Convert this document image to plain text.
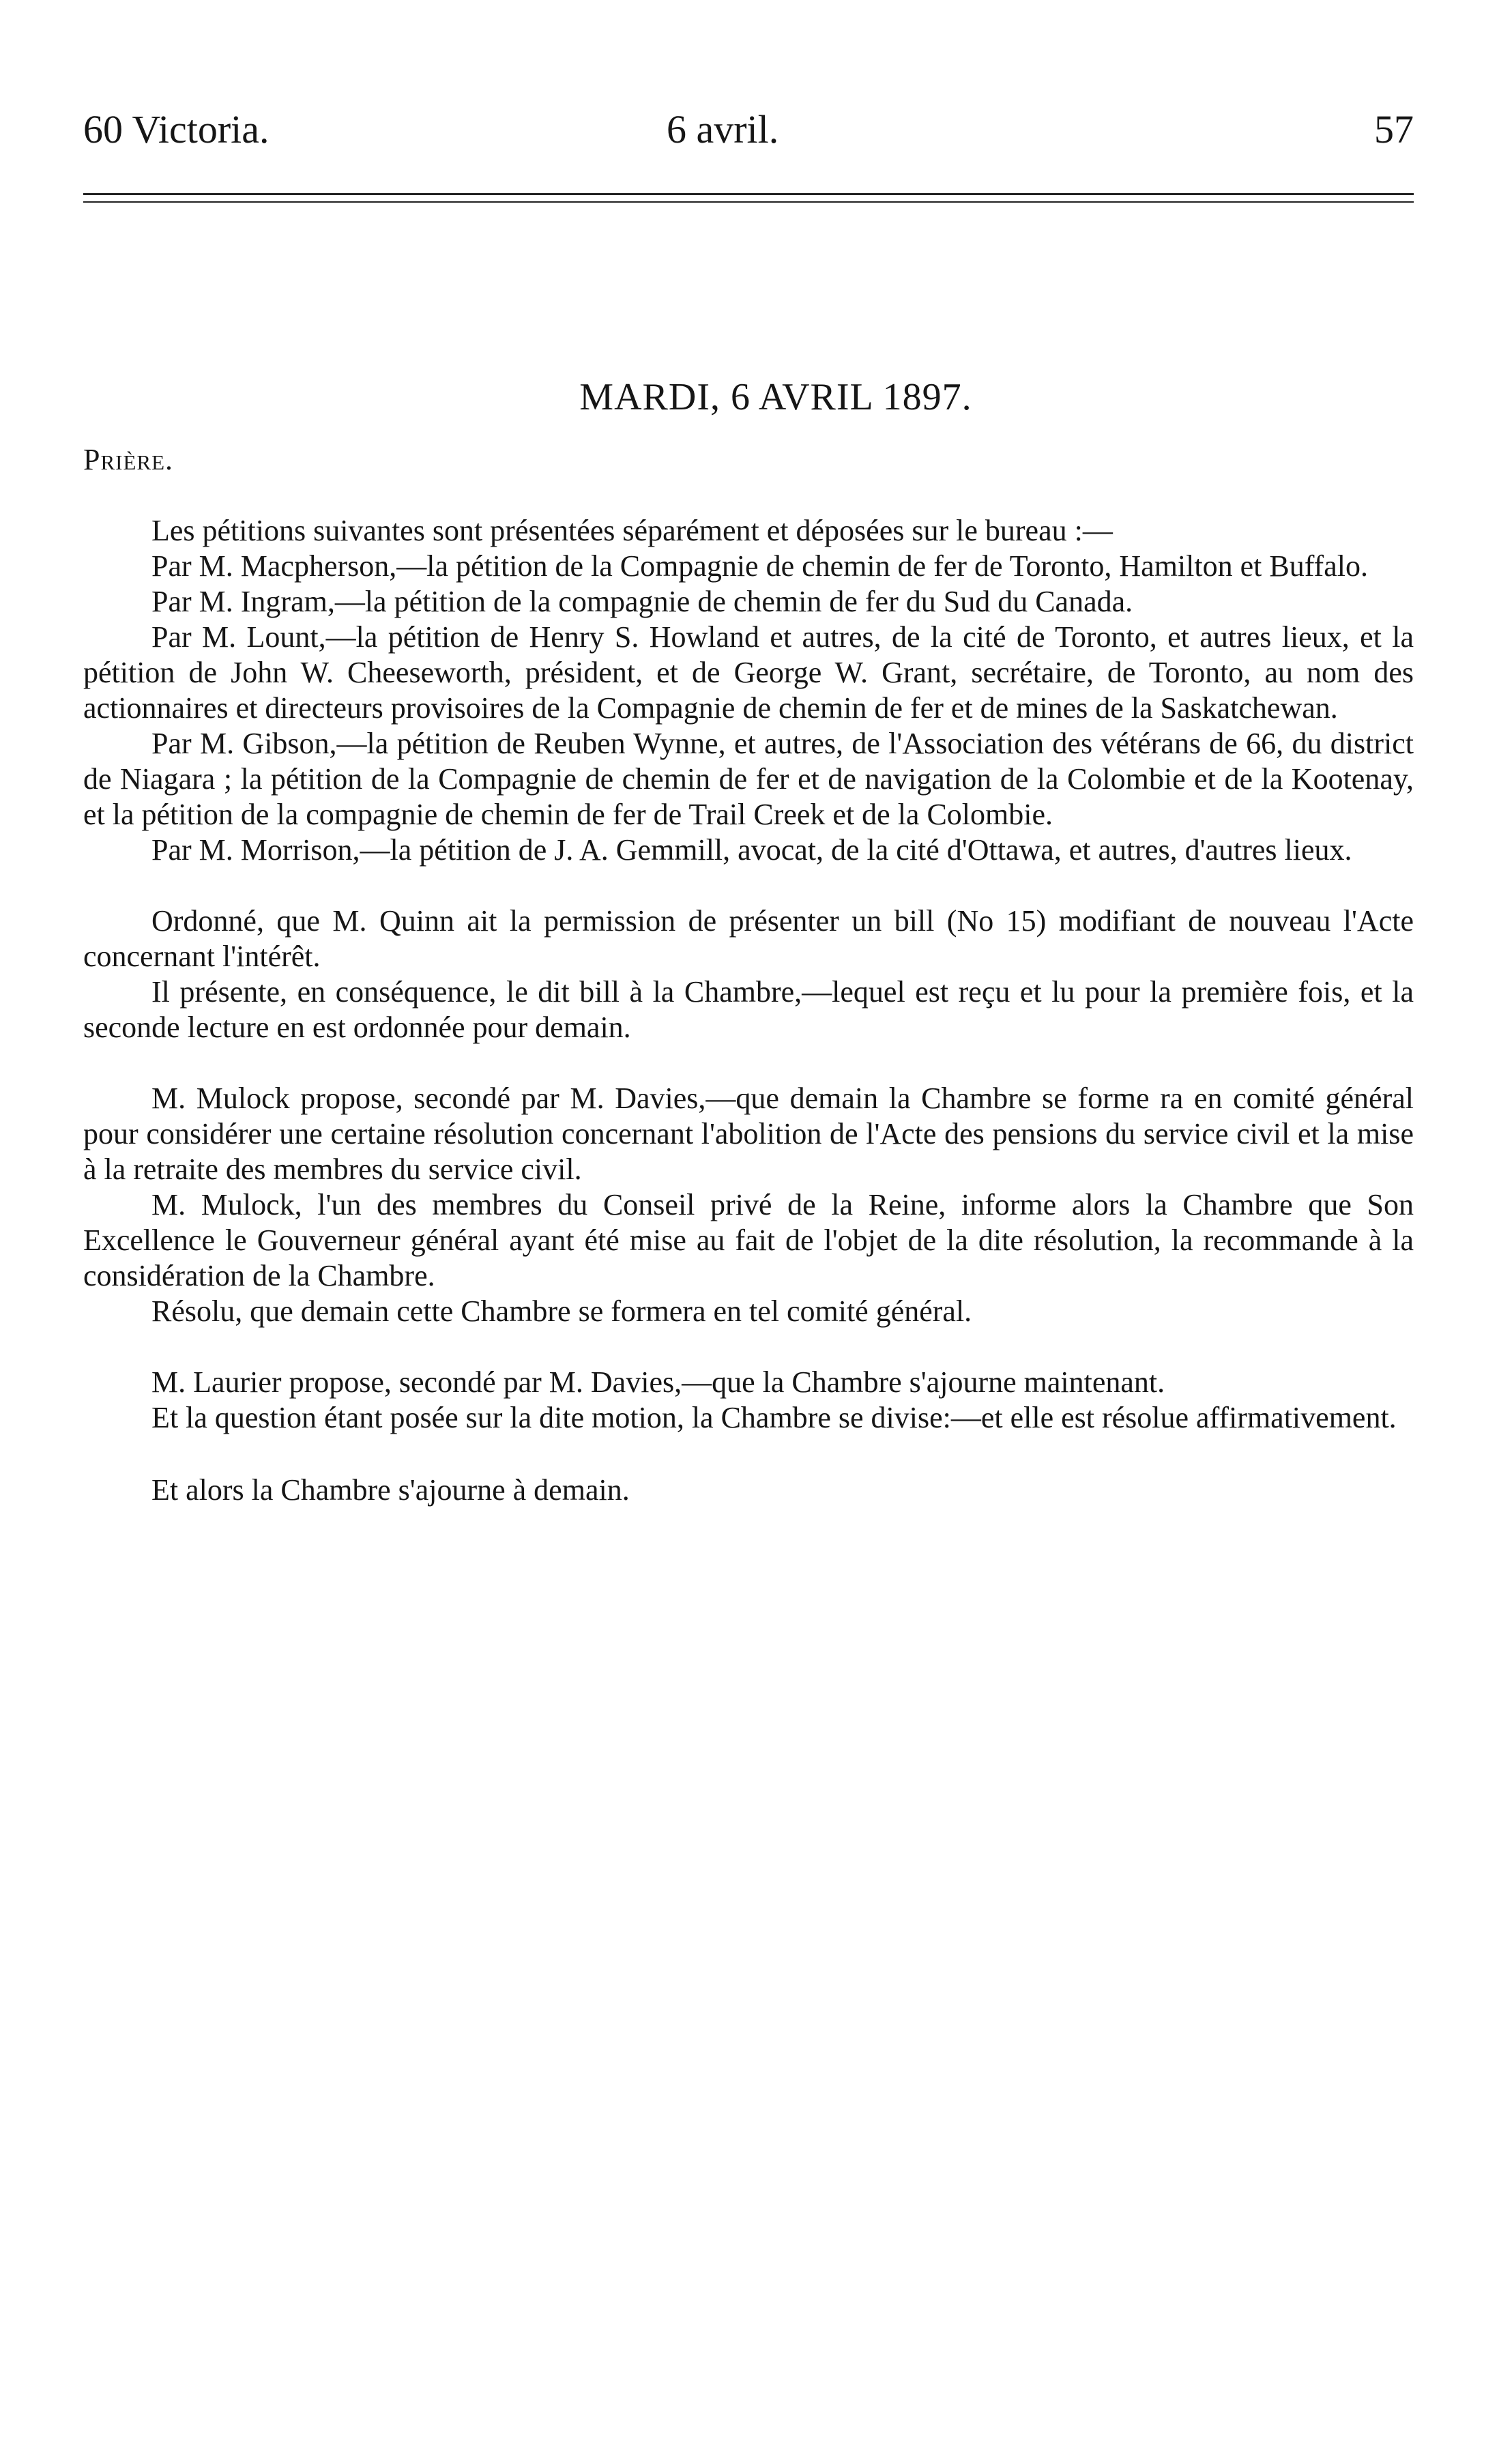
60 Victoria.	6 avril.	57
MARDI, 6 AVRIL 1897.
Prière.

Les pétitions suivantes sont présentées séparément et déposées sur le bureau :—

Par M. Macpherson,—la pétition de la Compagnie de chemin de fer de Toronto, Hamilton et Buffalo.

Par M. Ingram,—la pétition de la compagnie de chemin de fer du Sud du Canada.

Par M. Lount,—la pétition de Henry S. Howland et autres, de la cité de Toronto, et autres lieux, et la pétition de John W. Cheeseworth, président, et de George W. Grant, secrétaire, de Toronto, au nom des actionnaires et directeurs provisoires de la Compagnie de chemin de fer et de mines de la Saskatchewan.

Par M. Gibson,—la pétition de Reuben Wynne, et autres, de l'Association des vétérans de 66, du district de Niagara ; la pétition de la Compagnie de chemin de fer et de navigation de la Colombie et de la Kootenay, et la pétition de la compagnie de chemin de fer de Trail Creek et de la Colombie.

Par M. Morrison,—la pétition de J. A. Gemmill, avocat, de la cité d'Ottawa, et autres, d'autres lieux.

Ordonné, que M. Quinn ait la permission de présenter un bill (No 15) modifiant de nouveau l'Acte concernant l'intérêt.

Il présente, en conséquence, le dit bill à la Chambre,—lequel est reçu et lu pour la première fois, et la seconde lecture en est ordonnée pour demain.

M. Mulock propose, secondé par M. Davies,—que demain la Chambre se forme ra en comité général pour considérer une certaine résolution concernant l'abolition de l'Acte des pensions du service civil et la mise à la retraite des membres du service civil.

M. Mulock, l'un des membres du Conseil privé de la Reine, informe alors la Chambre que Son Excellence le Gouverneur général ayant été mise au fait de l'objet de la dite résolution, la recommande à la considération de la Chambre.

Résolu, que demain cette Chambre se formera en tel comité général.

M. Laurier propose, secondé par M. Davies,—que la Chambre s'ajourne maintenant.

Et la question étant posée sur la dite motion, la Chambre se divise:—et elle est résolue affirmativement.

Et alors la Chambre s'ajourne à demain.
